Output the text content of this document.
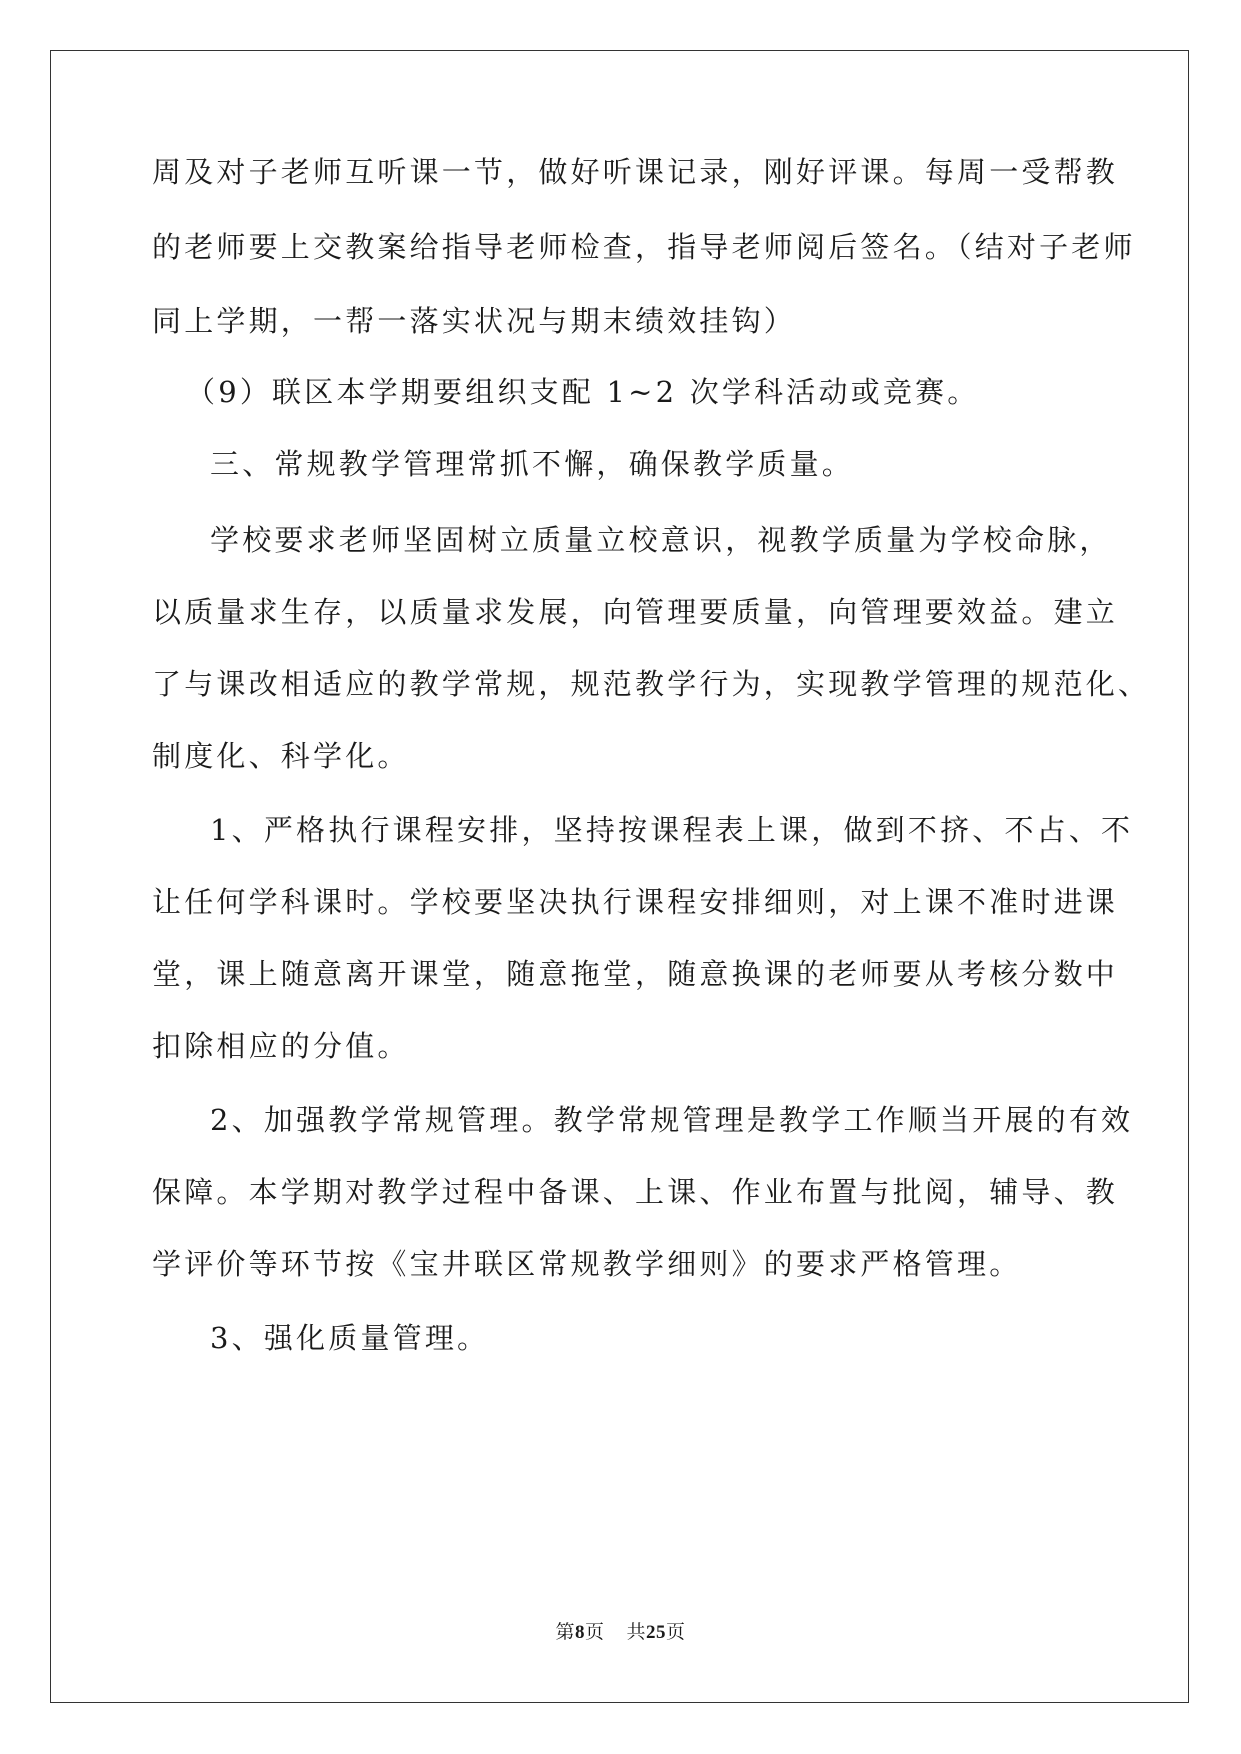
周及对子老师互听课一节，做好听课记录，刚好评课。每周一受帮教

的老师要上交教案给指导老师检查，指导老师阅后签名。（结对子老师

同上学期，一帮一落实状况与期末绩效挂钩）

（9）联区本学期要组织支配 1~2 次学科活动或竞赛。

三、常规教学管理常抓不懈，确保教学质量。

学校要求老师坚固树立质量立校意识，视教学质量为学校命脉，

以质量求生存，以质量求发展，向管理要质量，向管理要效益。建立

了与课改相适应的教学常规，规范教学行为，实现教学管理的规范化、

制度化、科学化。

1、严格执行课程安排，坚持按课程表上课，做到不挤、不占、不

让任何学科课时。学校要坚决执行课程安排细则，对上课不准时进课

堂，课上随意离开课堂，随意拖堂，随意换课的老师要从考核分数中

扣除相应的分值。

2、加强教学常规管理。教学常规管理是教学工作顺当开展的有效

保障。本学期对教学过程中备课、上课、作业布置与批阅，辅导、教

学评价等环节按《宝井联区常规教学细则》的要求严格管理。

3、强化质量管理。

第8页 共25页
